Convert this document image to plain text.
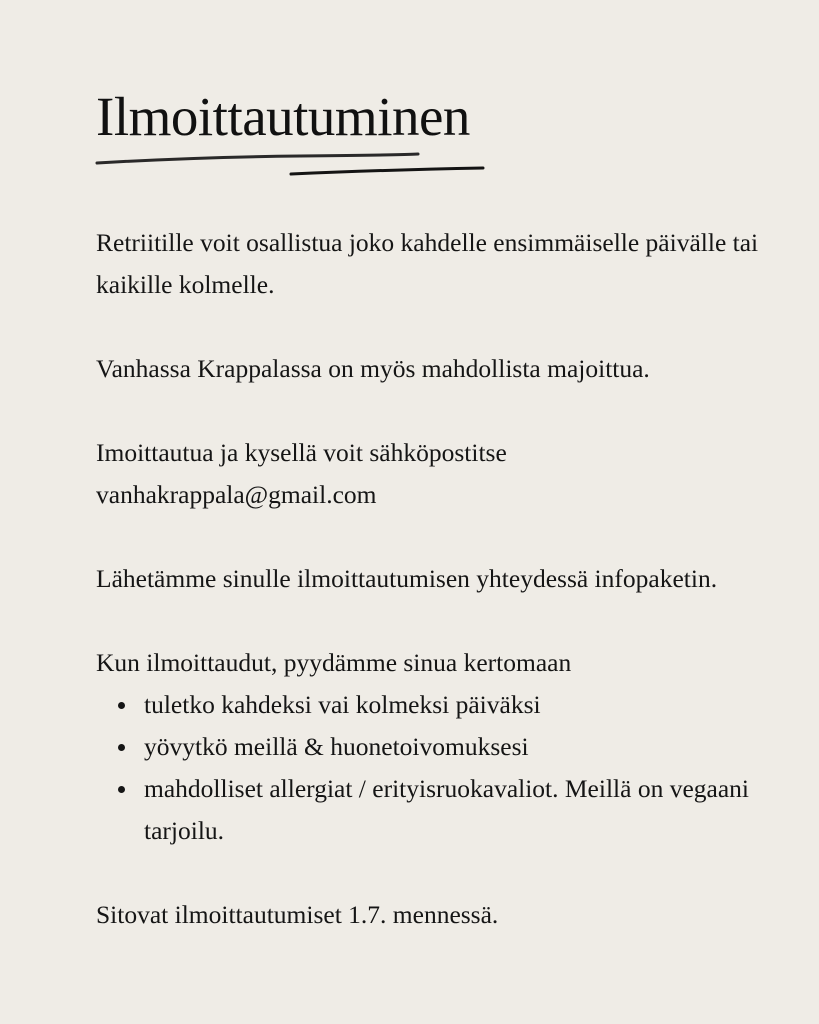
Ilmoittautuminen

Retriitille voit osallistua joko kahdelle ensimmäiselle päivälle tai kaikille kolmelle.

Vanhassa Krappalassa on myös mahdollista majoittua.

Imoittautua ja kysellä voit sähköpostitse
vanhakrappala@gmail.com

Lähetämme sinulle ilmoittautumisen yhteydessä infopaketin.

Kun ilmoittaudut, pyydämme sinua kertomaan

tuletko kahdeksi vai kolmeksi päiväksi
yövytkö meillä & huonetoivomuksesi
mahdolliset allergiat / erityisruokavaliot. Meillä on vegaani tarjoilu.

Sitovat ilmoittautumiset 1.7. mennessä.
